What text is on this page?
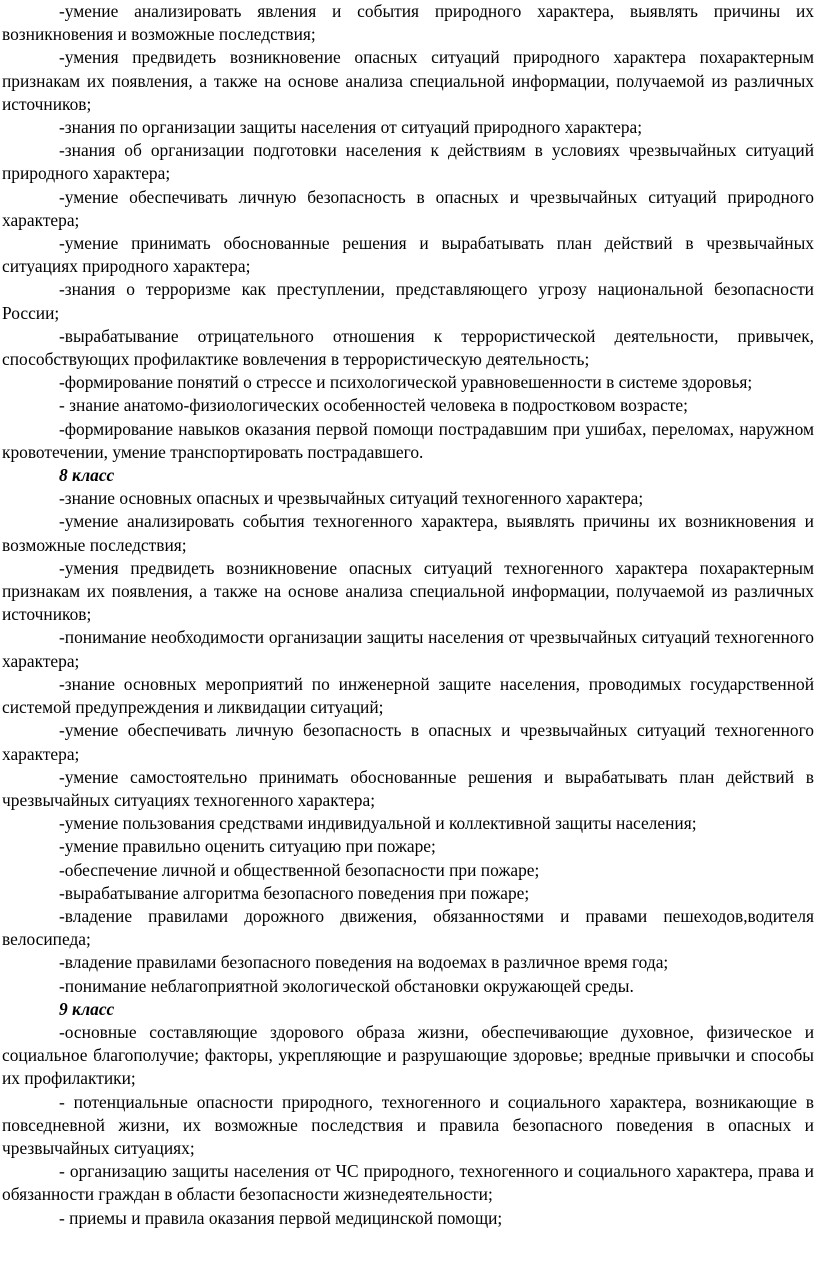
-умение анализировать явления и события природного характера, выявлять причины их возникновения и возможные последствия;

-умения предвидеть возникновение опасных ситуаций природного характера похарактерным признакам их появления, а также на основе анализа специальной информации, получаемой из различных источников;

-знания по организации защиты населения от ситуаций природного характера;

-знания об организации подготовки населения к действиям в условиях чрезвычайных ситуаций природного характера;

-умение обеспечивать личную безопасность в опасных и чрезвычайных ситуаций природного характера;

-умение принимать обоснованные решения и вырабатывать план действий в чрезвычайных ситуациях природного характера;

-знания о терроризме как преступлении, представляющего угрозу национальной безопасности России;

-вырабатывание отрицательного отношения к террористической деятельности, привычек, способствующих профилактике вовлечения в террористическую деятельность;

-формирование понятий о стрессе и психологической уравновешенности в системе здоровья;

- знание анатомо-физиологических особенностей человека в подростковом возрасте;

-формирование навыков оказания первой помощи пострадавшим при ушибах, переломах, наружном кровотечении, умение транспортировать пострадавшего.

8 класс

-знание основных опасных и чрезвычайных ситуаций техногенного характера;

-умение анализировать события техногенного характера, выявлять причины их возникновения и возможные последствия;

-умения предвидеть возникновение опасных ситуаций техногенного характера похарактерным признакам их появления, а также на основе анализа специальной информации, получаемой из различных источников;

-понимание необходимости организации защиты населения от чрезвычайных ситуаций техногенного характера;

-знание основных мероприятий по инженерной защите населения, проводимых государственной системой предупреждения и ликвидации ситуаций;

-умение обеспечивать личную безопасность в опасных и чрезвычайных ситуаций техногенного характера;

-умение самостоятельно принимать обоснованные решения и вырабатывать план действий в чрезвычайных ситуациях техногенного характера;

-умение пользования средствами индивидуальной и коллективной защиты населения;

-умение правильно оценить ситуацию при пожаре;

-обеспечение личной и общественной безопасности при пожаре;

-вырабатывание алгоритма безопасного поведения при пожаре;

-владение правилами дорожного движения, обязанностями и правами пешеходов,водителя велосипеда;

-владение правилами безопасного поведения на водоемах в различное время года;

-понимание неблагоприятной экологической обстановки окружающей среды.

9 класс

-основные составляющие здорового образа жизни, обеспечивающие духовное, физическое и социальное благополучие; факторы, укрепляющие и разрушающие здоровье; вредные привычки и способы их профилактики;

- потенциальные опасности природного, техногенного и социального характера, возникающие в повседневной жизни, их возможные последствия и правила безопасного поведения в опасных и чрезвычайных ситуациях;

- организацию защиты населения от ЧС природного, техногенного и социального характера, права и обязанности граждан в области безопасности жизнедеятельности;

- приемы и правила оказания первой медицинской помощи;
